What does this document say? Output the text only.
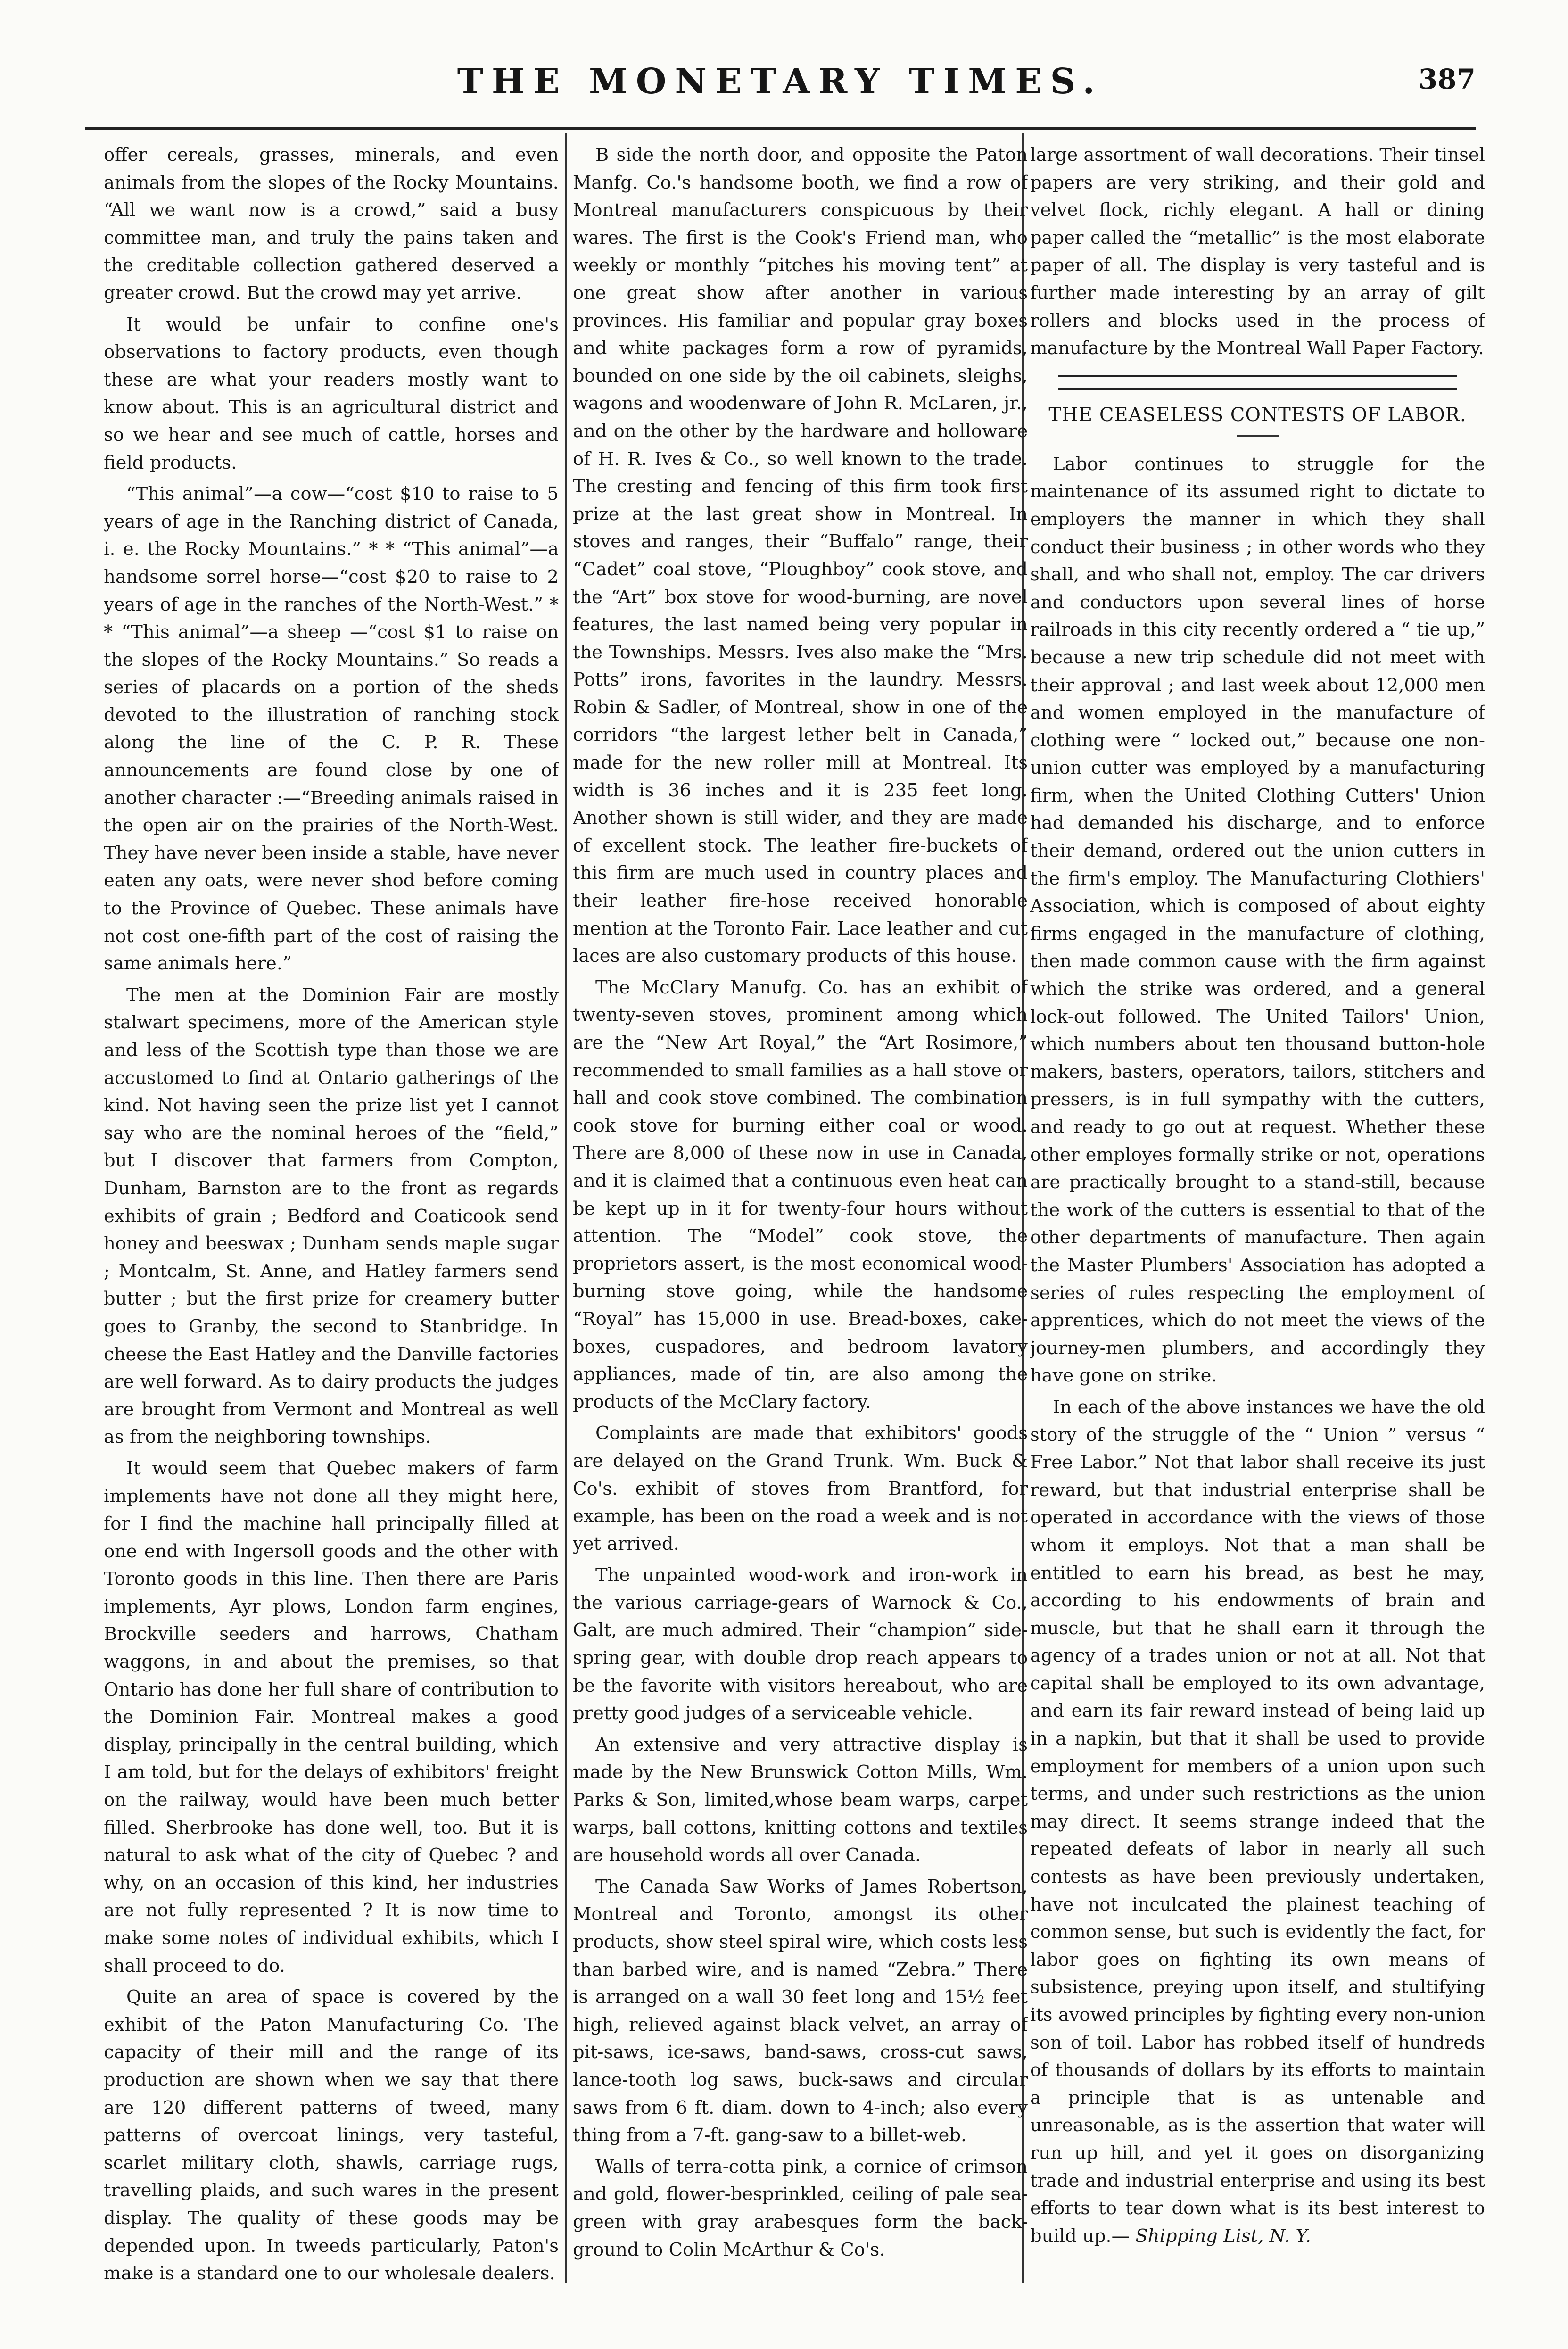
THE MONETARY TIMES.	387

offer cereals, grasses, minerals, and even animals from the slopes of the Rocky Mountains. “All we want now is a crowd,” said a busy committee man, and truly the pains taken and the creditable collection gathered deserved a greater crowd. But the crowd may yet arrive.

It would be unfair to confine one's observations to factory products, even though these are what your readers mostly want to know about. This is an agricultural district and so we hear and see much of cattle, horses and field products.

“This animal”—a cow—“cost $10 to raise to 5 years of age in the Ranching district of Canada, i. e. the Rocky Mountains.” * * “This animal”—a handsome sorrel horse—“cost $20 to raise to 2 years of age in the ranches of the North-West.” * * “This animal”—a sheep —“cost $1 to raise on the slopes of the Rocky Mountains.” So reads a series of placards on a portion of the sheds devoted to the illustration of ranching stock along the line of the C. P. R. These announcements are found close by one of another character :—“Breeding animals raised in the open air on the prairies of the North-West. They have never been inside a stable, have never eaten any oats, were never shod before coming to the Province of Quebec. These animals have not cost one-fifth part of the cost of raising the same animals here.”

The men at the Dominion Fair are mostly stalwart specimens, more of the American style and less of the Scottish type than those we are accustomed to find at Ontario gatherings of the kind. Not having seen the prize list yet I cannot say who are the nominal heroes of the “field,” but I discover that farmers from Compton, Dunham, Barnston are to the front as regards exhibits of grain ; Bedford and Coaticook send honey and beeswax ; Dunham sends maple sugar ; Montcalm, St. Anne, and Hatley farmers send butter ; but the first prize for creamery butter goes to Granby, the second to Stanbridge. In cheese the East Hatley and the Danville factories are well forward. As to dairy products the judges are brought from Vermont and Montreal as well as from the neighboring townships.

It would seem that Quebec makers of farm implements have not done all they might here, for I find the machine hall principally filled at one end with Ingersoll goods and the other with Toronto goods in this line. Then there are Paris implements, Ayr plows, London farm engines, Brockville seeders and harrows, Chatham waggons, in and about the premises, so that Ontario has done her full share of contribution to the Dominion Fair. Montreal makes a good display, principally in the central building, which I am told, but for the delays of exhibitors' freight on the railway, would have been much better filled. Sherbrooke has done well, too. But it is natural to ask what of the city of Quebec ? and why, on an occasion of this kind, her industries are not fully represented ? It is now time to make some notes of individual exhibits, which I shall proceed to do.

Quite an area of space is covered by the exhibit of the Paton Manufacturing Co. The capacity of their mill and the range of its production are shown when we say that there are 120 different patterns of tweed, many patterns of overcoat linings, very tasteful, scarlet military cloth, shawls, carriage rugs, travelling plaids, and such wares in the present display. The quality of these goods may be depended upon. In tweeds particularly, Paton's make is a standard one to our wholesale dealers.

B side the north door, and opposite the Paton Manfg. Co.'s handsome booth, we find a row of Montreal manufacturers conspicuous by their wares. The first is the Cook's Friend man, who weekly or monthly “pitches his moving tent” at one great show after another in various provinces. His familiar and popular gray boxes and white packages form a row of pyramids, bounded on one side by the oil cabinets, sleighs, wagons and woodenware of John R. McLaren, jr., and on the other by the hardware and holloware of H. R. Ives & Co., so well known to the trade. The cresting and fencing of this firm took first prize at the last great show in Montreal. In stoves and ranges, their “Buffalo” range, their “Cadet” coal stove, “Ploughboy” cook stove, and the “Art” box stove for wood-burning, are novel features, the last named being very popular in the Townships. Messrs. Ives also make the “Mrs. Potts” irons, favorites in the laundry. Messrs. Robin & Sadler, of Montreal, show in one of the corridors “the largest lether belt in Canada,” made for the new roller mill at Montreal. Its width is 36 inches and it is 235 feet long. Another shown is still wider, and they are made of excellent stock. The leather fire-buckets of this firm are much used in country places and their leather fire-hose received honorable mention at the Toronto Fair. Lace leather and cut laces are also customary products of this house.

The McClary Manufg. Co. has an exhibit of twenty-seven stoves, prominent among which are the “New Art Royal,” the “Art Rosimore,” recommended to small families as a hall stove or hall and cook stove combined. The combination cook stove for burning either coal or wood. There are 8,000 of these now in use in Canada, and it is claimed that a continuous even heat can be kept up in it for twenty-four hours without attention. The “Model” cook stove, the proprietors assert, is the most economical wood-burning stove going, while the handsome “Royal” has 15,000 in use. Bread-boxes, cake-boxes, cuspadores, and bedroom lavatory appliances, made of tin, are also among the products of the McClary factory.

Complaints are made that exhibitors' goods are delayed on the Grand Trunk. Wm. Buck & Co's. exhibit of stoves from Brantford, for example, has been on the road a week and is not yet arrived.

The unpainted wood-work and iron-work in the various carriage-gears of Warnock & Co., Galt, are much admired. Their “champion” side-spring gear, with double drop reach appears to be the favorite with visitors hereabout, who are pretty good judges of a serviceable vehicle.

An extensive and very attractive display is made by the New Brunswick Cotton Mills, Wm. Parks & Son, limited,whose beam warps, carpet warps, ball cottons, knitting cottons and textiles are household words all over Canada.

The Canada Saw Works of James Robertson, Montreal and Toronto, amongst its other products, show steel spiral wire, which costs less than barbed wire, and is named “Zebra.” There is arranged on a wall 30 feet long and 15½ feet high, relieved against black velvet, an array of pit-saws, ice-saws, band-saws, cross-cut saws, lance-tooth log saws, buck-saws and circular saws from 6 ft. diam. down to 4-inch; also every thing from a 7-ft. gang-saw to a billet-web.

Walls of terra-cotta pink, a cornice of crimson and gold, flower-besprinkled, ceiling of pale sea-green with gray arabesques form the back-ground to Colin McArthur & Co's.

large assortment of wall decorations. Their tinsel papers are very striking, and their gold and velvet flock, richly elegant. A hall or dining paper called the “metallic” is the most elaborate paper of all. The display is very tasteful and is further made interesting by an array of gilt rollers and blocks used in the process of manufacture by the Montreal Wall Paper Factory.

THE CEASELESS CONTESTS OF LABOR.

Labor continues to struggle for the maintenance of its assumed right to dictate to employers the manner in which they shall conduct their business ; in other words who they shall, and who shall not, employ. The car drivers and conductors upon several lines of horse railroads in this city recently ordered a “ tie up,” because a new trip schedule did not meet with their approval ; and last week about 12,000 men and women employed in the manufacture of clothing were “ locked out,” because one non-union cutter was employed by a manufacturing firm, when the United Clothing Cutters' Union had demanded his discharge, and to enforce their demand, ordered out the union cutters in the firm's employ. The Manufacturing Clothiers' Association, which is composed of about eighty firms engaged in the manufacture of clothing, then made common cause with the firm against which the strike was ordered, and a general lock-out followed. The United Tailors' Union, which numbers about ten thousand button-hole makers, basters, operators, tailors, stitchers and pressers, is in full sympathy with the cutters, and ready to go out at request. Whether these other employes formally strike or not, operations are practically brought to a stand-still, because the work of the cutters is essential to that of the other departments of manufacture. Then again the Master Plumbers' Association has adopted a series of rules respecting the employment of apprentices, which do not meet the views of the journey-men plumbers, and accordingly they have gone on strike.

In each of the above instances we have the old story of the struggle of the “ Union ” versus “ Free Labor.” Not that labor shall receive its just reward, but that industrial enterprise shall be operated in accordance with the views of those whom it employs. Not that a man shall be entitled to earn his bread, as best he may, according to his endowments of brain and muscle, but that he shall earn it through the agency of a trades union or not at all. Not that capital shall be employed to its own advantage, and earn its fair reward instead of being laid up in a napkin, but that it shall be used to provide employment for members of a union upon such terms, and under such restrictions as the union may direct. It seems strange indeed that the repeated defeats of labor in nearly all such contests as have been previously undertaken, have not inculcated the plainest teaching of common sense, but such is evidently the fact, for labor goes on fighting its own means of subsistence, preying upon itself, and stultifying its avowed principles by fighting every non-union son of toil. Labor has robbed itself of hundreds of thousands of dollars by its efforts to maintain a principle that is as untenable and unreasonable, as is the assertion that water will run up hill, and yet it goes on disorganizing trade and industrial enterprise and using its best efforts to tear down what is its best interest to build up.— Shipping List, N. Y.
